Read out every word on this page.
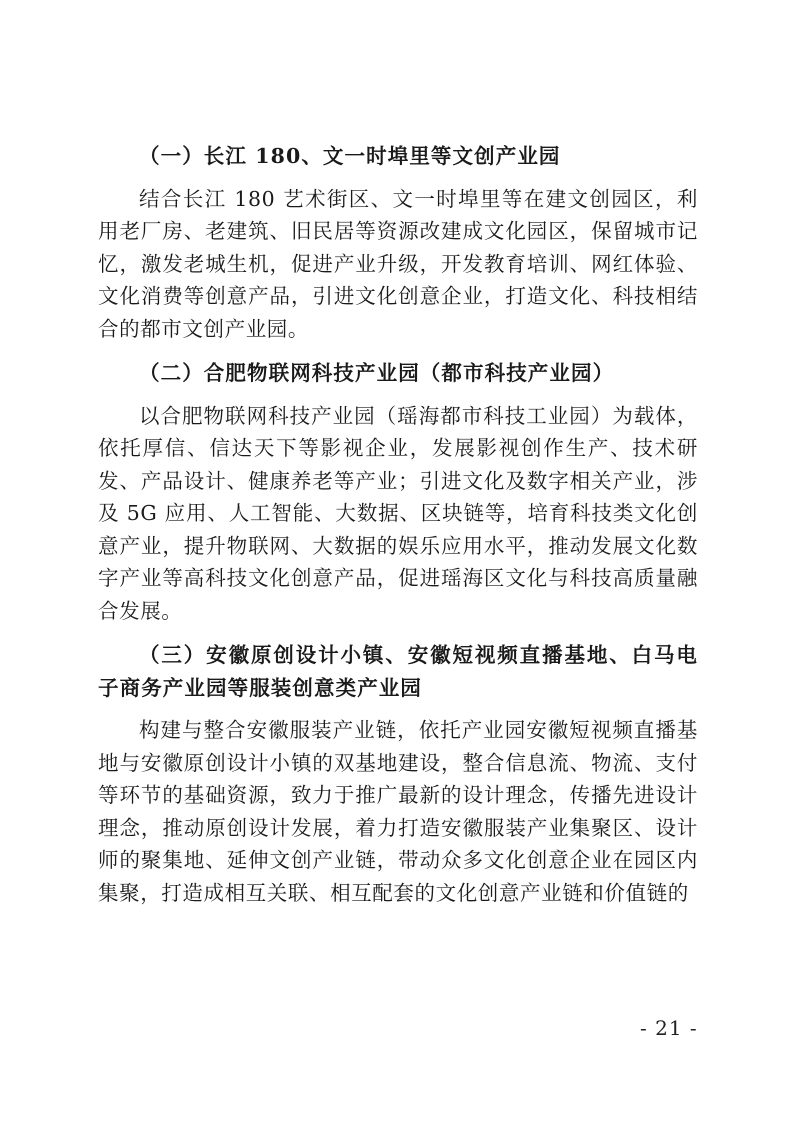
（一）长江 180、文一时埠里等文创产业园

结合长江 180 艺术街区、文一时埠里等在建文创园区，利用老厂房、老建筑、旧民居等资源改建成文化园区，保留城市记忆，激发老城生机，促进产业升级，开发教育培训、网红体验、文化消费等创意产品，引进文化创意企业，打造文化、科技相结合的都市文创产业园。

（二）合肥物联网科技产业园（都市科技产业园）

以合肥物联网科技产业园（瑶海都市科技工业园）为载体，依托厚信、信达天下等影视企业，发展影视创作生产、技术研发、产品设计、健康养老等产业；引进文化及数字相关产业，涉及 5G 应用、人工智能、大数据、区块链等，培育科技类文化创意产业，提升物联网、大数据的娱乐应用水平，推动发展文化数字产业等高科技文化创意产品，促进瑶海区文化与科技高质量融合发展。

（三）安徽原创设计小镇、安徽短视频直播基地、白马电子商务产业园等服装创意类产业园

构建与整合安徽服装产业链，依托产业园安徽短视频直播基地与安徽原创设计小镇的双基地建设，整合信息流、物流、支付等环节的基础资源，致力于推广最新的设计理念，传播先进设计理念，推动原创设计发展，着力打造安徽服装产业集聚区、设计师的聚集地、延伸文创产业链，带动众多文化创意企业在园区内集聚，打造成相互关联、相互配套的文化创意产业链和价值链的

- 21 -
